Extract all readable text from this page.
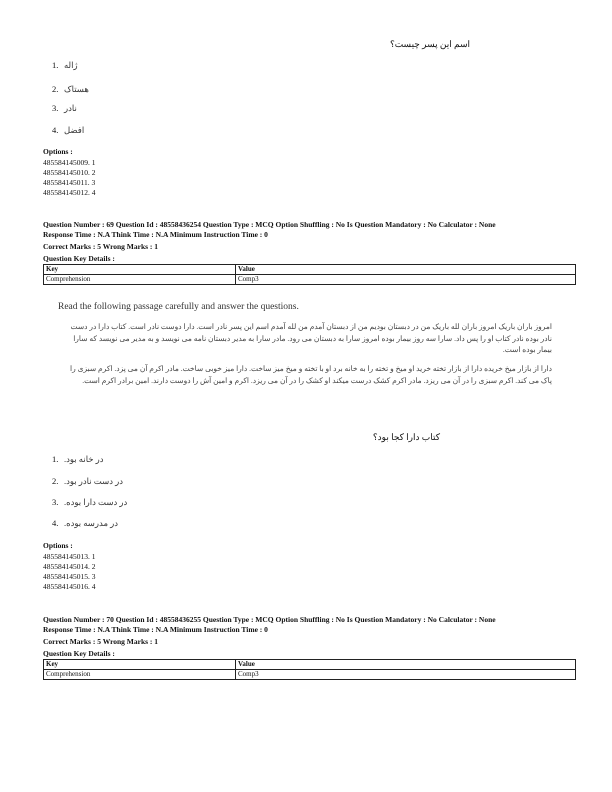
اسم این پسر چیست؟
1. ژاله
2. هستاک
3. نادر
4. افضل
Options :
485584145009. 1
485584145010. 2
485584145011. 3
485584145012. 4
Question Number : 69 Question Id : 48558436254 Question Type : MCQ Option Shuffling : No Is Question Mandatory : No Calculator : None
Response Time : N.A Think Time : N.A Minimum Instruction Time : 0
Correct Marks : 5 Wrong Marks : 1
Question Key Details :
Key	Value
Comprehension	Comp3
Read the following passage carefully and answer the questions.
امروز باران باریک امروز باران لله باریک من در دبستان بودیم من از دبستان آمدم من لله آمدم اسم این پسر نادر است. دارا دوست نادر است. کتاب دارا در دست نادر بوده نادر کتاب او را پس داد. سارا سه روز بیمار بوده امروز سارا به دبستان می رود. مادر سارا به مدیر دبستان نامه می نویسد و به مدیر می نویسد که سارا بیمار بوده است.
دارا از بازار میخ خریده دارا از بازار تخته خرید او میخ و تخته را به خانه برد او با تخته و میخ میز ساخت. دارا میز خوبی ساخت. مادر اکرم آن می پزد. اکرم سبزی را پاک می کند. اکرم سبزی را در آن می ریزد. مادر اکرم کشک درست میکند او کشک را در آن می ریزد. اکرم و امین آش را دوست دارند. امین برادر اکرم است.
کتاب دارا کجا بود؟
1. در خانه بود.
2. در دست نادر بود.
3. در دست دارا بوده.
4. در مدرسه بوده.
Options :
485584145013. 1
485584145014. 2
485584145015. 3
485584145016. 4
Question Number : 70 Question Id : 48558436255 Question Type : MCQ Option Shuffling : No Is Question Mandatory : No Calculator : None
Response Time : N.A Think Time : N.A Minimum Instruction Time : 0
Correct Marks : 5 Wrong Marks : 1
Question Key Details :
Key	Value
Comprehension	Comp3
